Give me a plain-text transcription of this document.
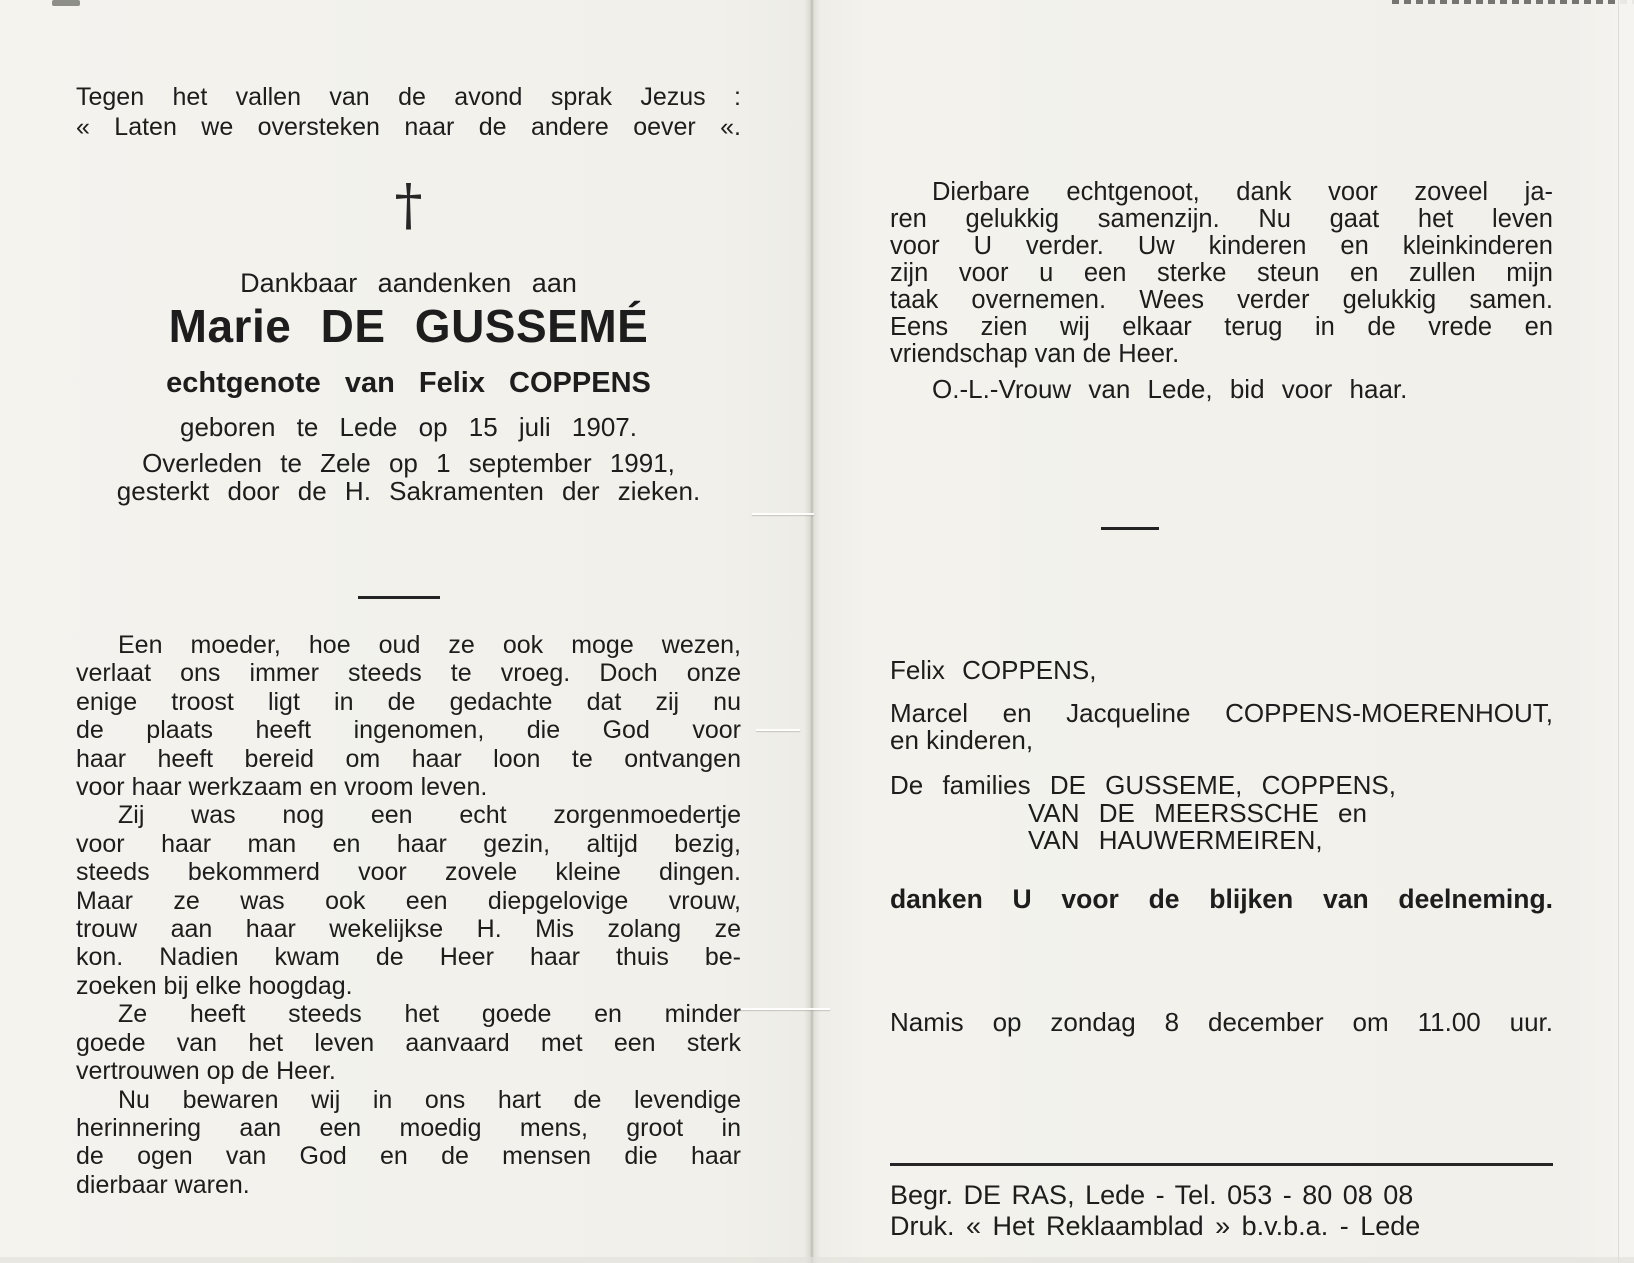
Tegen het vallen van de avond sprak Jezus :
« Laten we oversteken naar de andere oever «.
†
Dankbaar aandenken aan
Marie DE GUSSEMÉ
echtgenote van Felix COPPENS
geboren te Lede op 15 juli 1907.
Overleden te Zele op 1 september 1991,
gesterkt door de H. Sakramenten der zieken.
Een moeder, hoe oud ze ook moge wezen,
verlaat ons immer steeds te vroeg. Doch onze
enige troost ligt in de gedachte dat zij nu
de plaats heeft ingenomen, die God voor
haar heeft bereid om haar loon te ontvangen
voor haar werkzaam en vroom leven.
Zij was nog een echt zorgenmoedertje
voor haar man en haar gezin, altijd bezig,
steeds bekommerd voor zovele kleine dingen.
Maar ze was ook een diepgelovige vrouw,
trouw aan haar wekelijkse H. Mis zolang ze
kon. Nadien kwam de Heer haar thuis be-
zoeken bij elke hoogdag.
Ze heeft steeds het goede en minder
goede van het leven aanvaard met een sterk
vertrouwen op de Heer.
Nu bewaren wij in ons hart de levendige
herinnering aan een moedig mens, groot in
de ogen van God en de mensen die haar
dierbaar waren.
Dierbare echtgenoot, dank voor zoveel ja-
ren gelukkig samenzijn. Nu gaat het leven
voor U verder. Uw kinderen en kleinkinderen
zijn voor u een sterke steun en zullen mijn
taak overnemen. Wees verder gelukkig samen.
Eens zien wij elkaar terug in de vrede en
vriendschap van de Heer.
O.-L.-Vrouw van Lede, bid voor haar.
Felix COPPENS,
Marcel en Jacqueline COPPENS-MOERENHOUT,
en kinderen,
De families DE GUSSEME, COPPENS,
VAN DE MEERSSCHE en
VAN HAUWERMEIREN,
danken U voor de blijken van deelneming.
Namis op zondag 8 december om 11.00 uur.
Begr. DE RAS, Lede - Tel. 053 - 80 08 08
Druk. « Het Reklaamblad » b.v.b.a. - Lede
